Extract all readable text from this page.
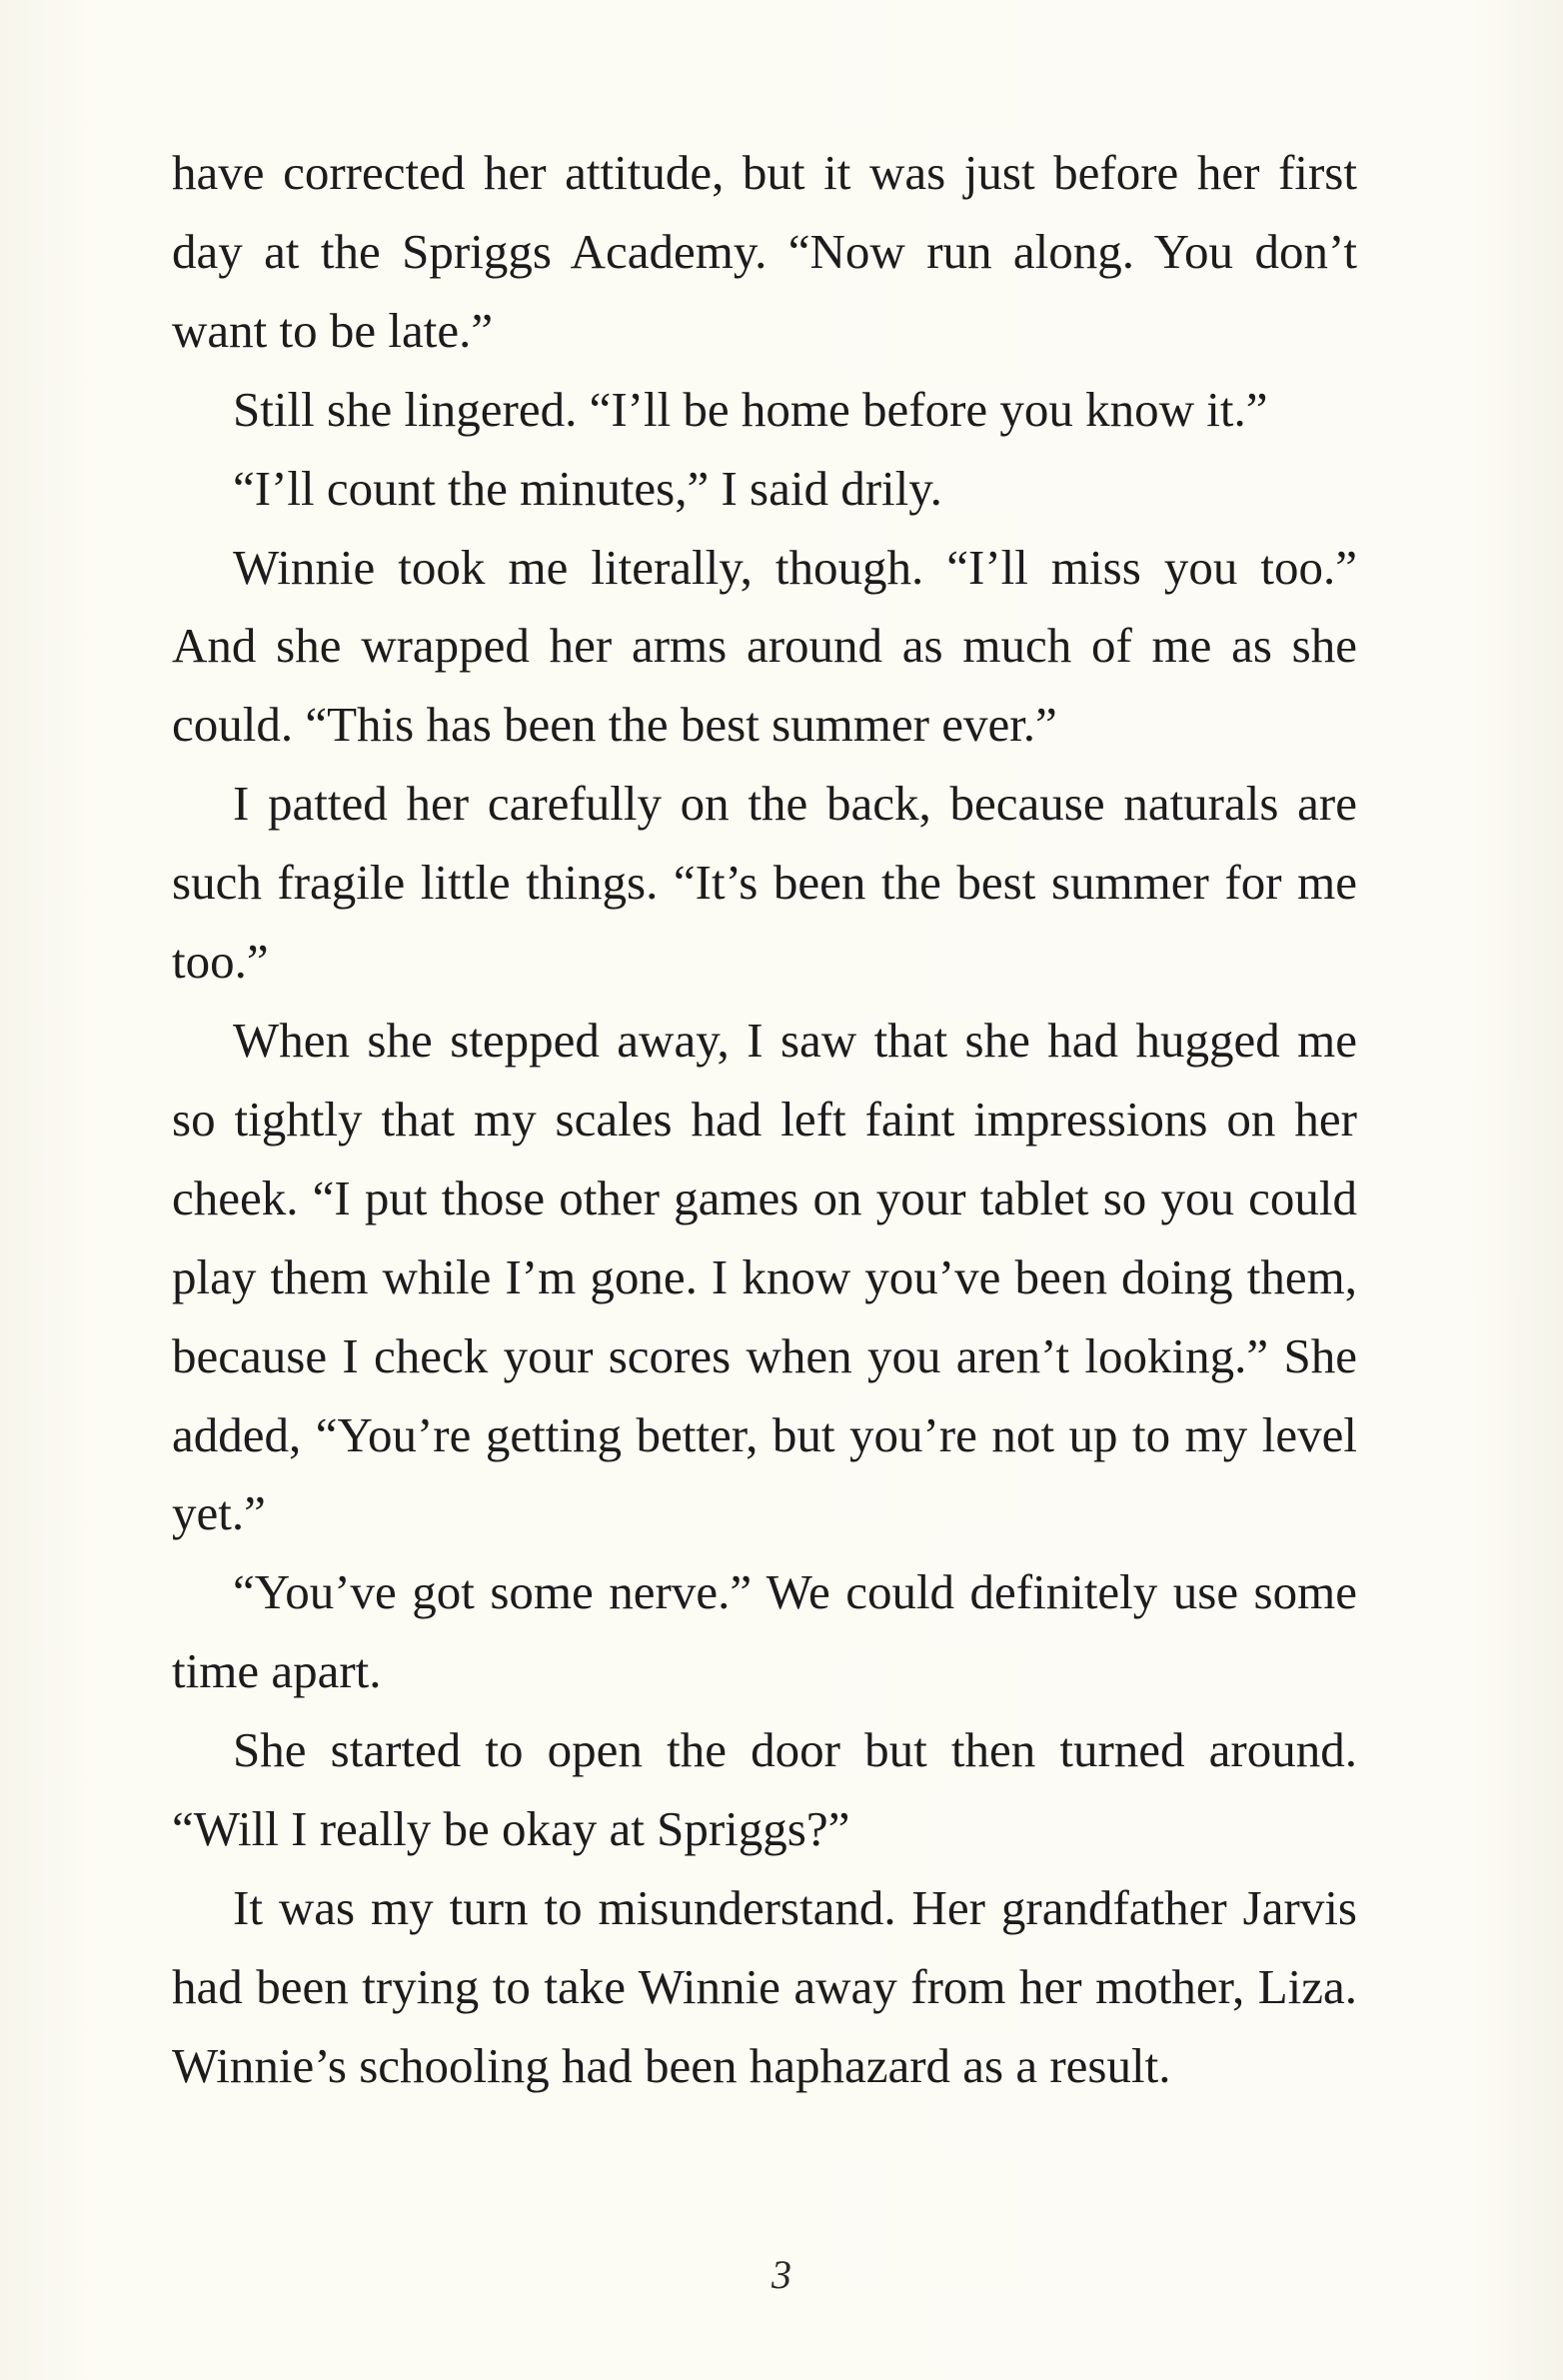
have corrected her attitude, but it was just before her first day at the Spriggs Academy. “Now run along. You don’t want to be late.”

Still she lingered. “I’ll be home before you know it.”

“I’ll count the minutes,” I said drily.

Winnie took me literally, though. “I’ll miss you too.” And she wrapped her arms around as much of me as she could. “This has been the best summer ever.”

I patted her carefully on the back, because naturals are such fragile little things. “It’s been the best summer for me too.”

When she stepped away, I saw that she had hugged me so tightly that my scales had left faint impressions on her cheek. “I put those other games on your tablet so you could play them while I’m gone. I know you’ve been doing them, because I check your scores when you aren’t looking.” She added, “You’re getting better, but you’re not up to my level yet.”

“You’ve got some nerve.” We could definitely use some time apart.

She started to open the door but then turned around. “Will I really be okay at Spriggs?”

It was my turn to misunderstand. Her grandfather Jarvis had been trying to take Winnie away from her mother, Liza. Winnie’s schooling had been haphazard as a result.

3
